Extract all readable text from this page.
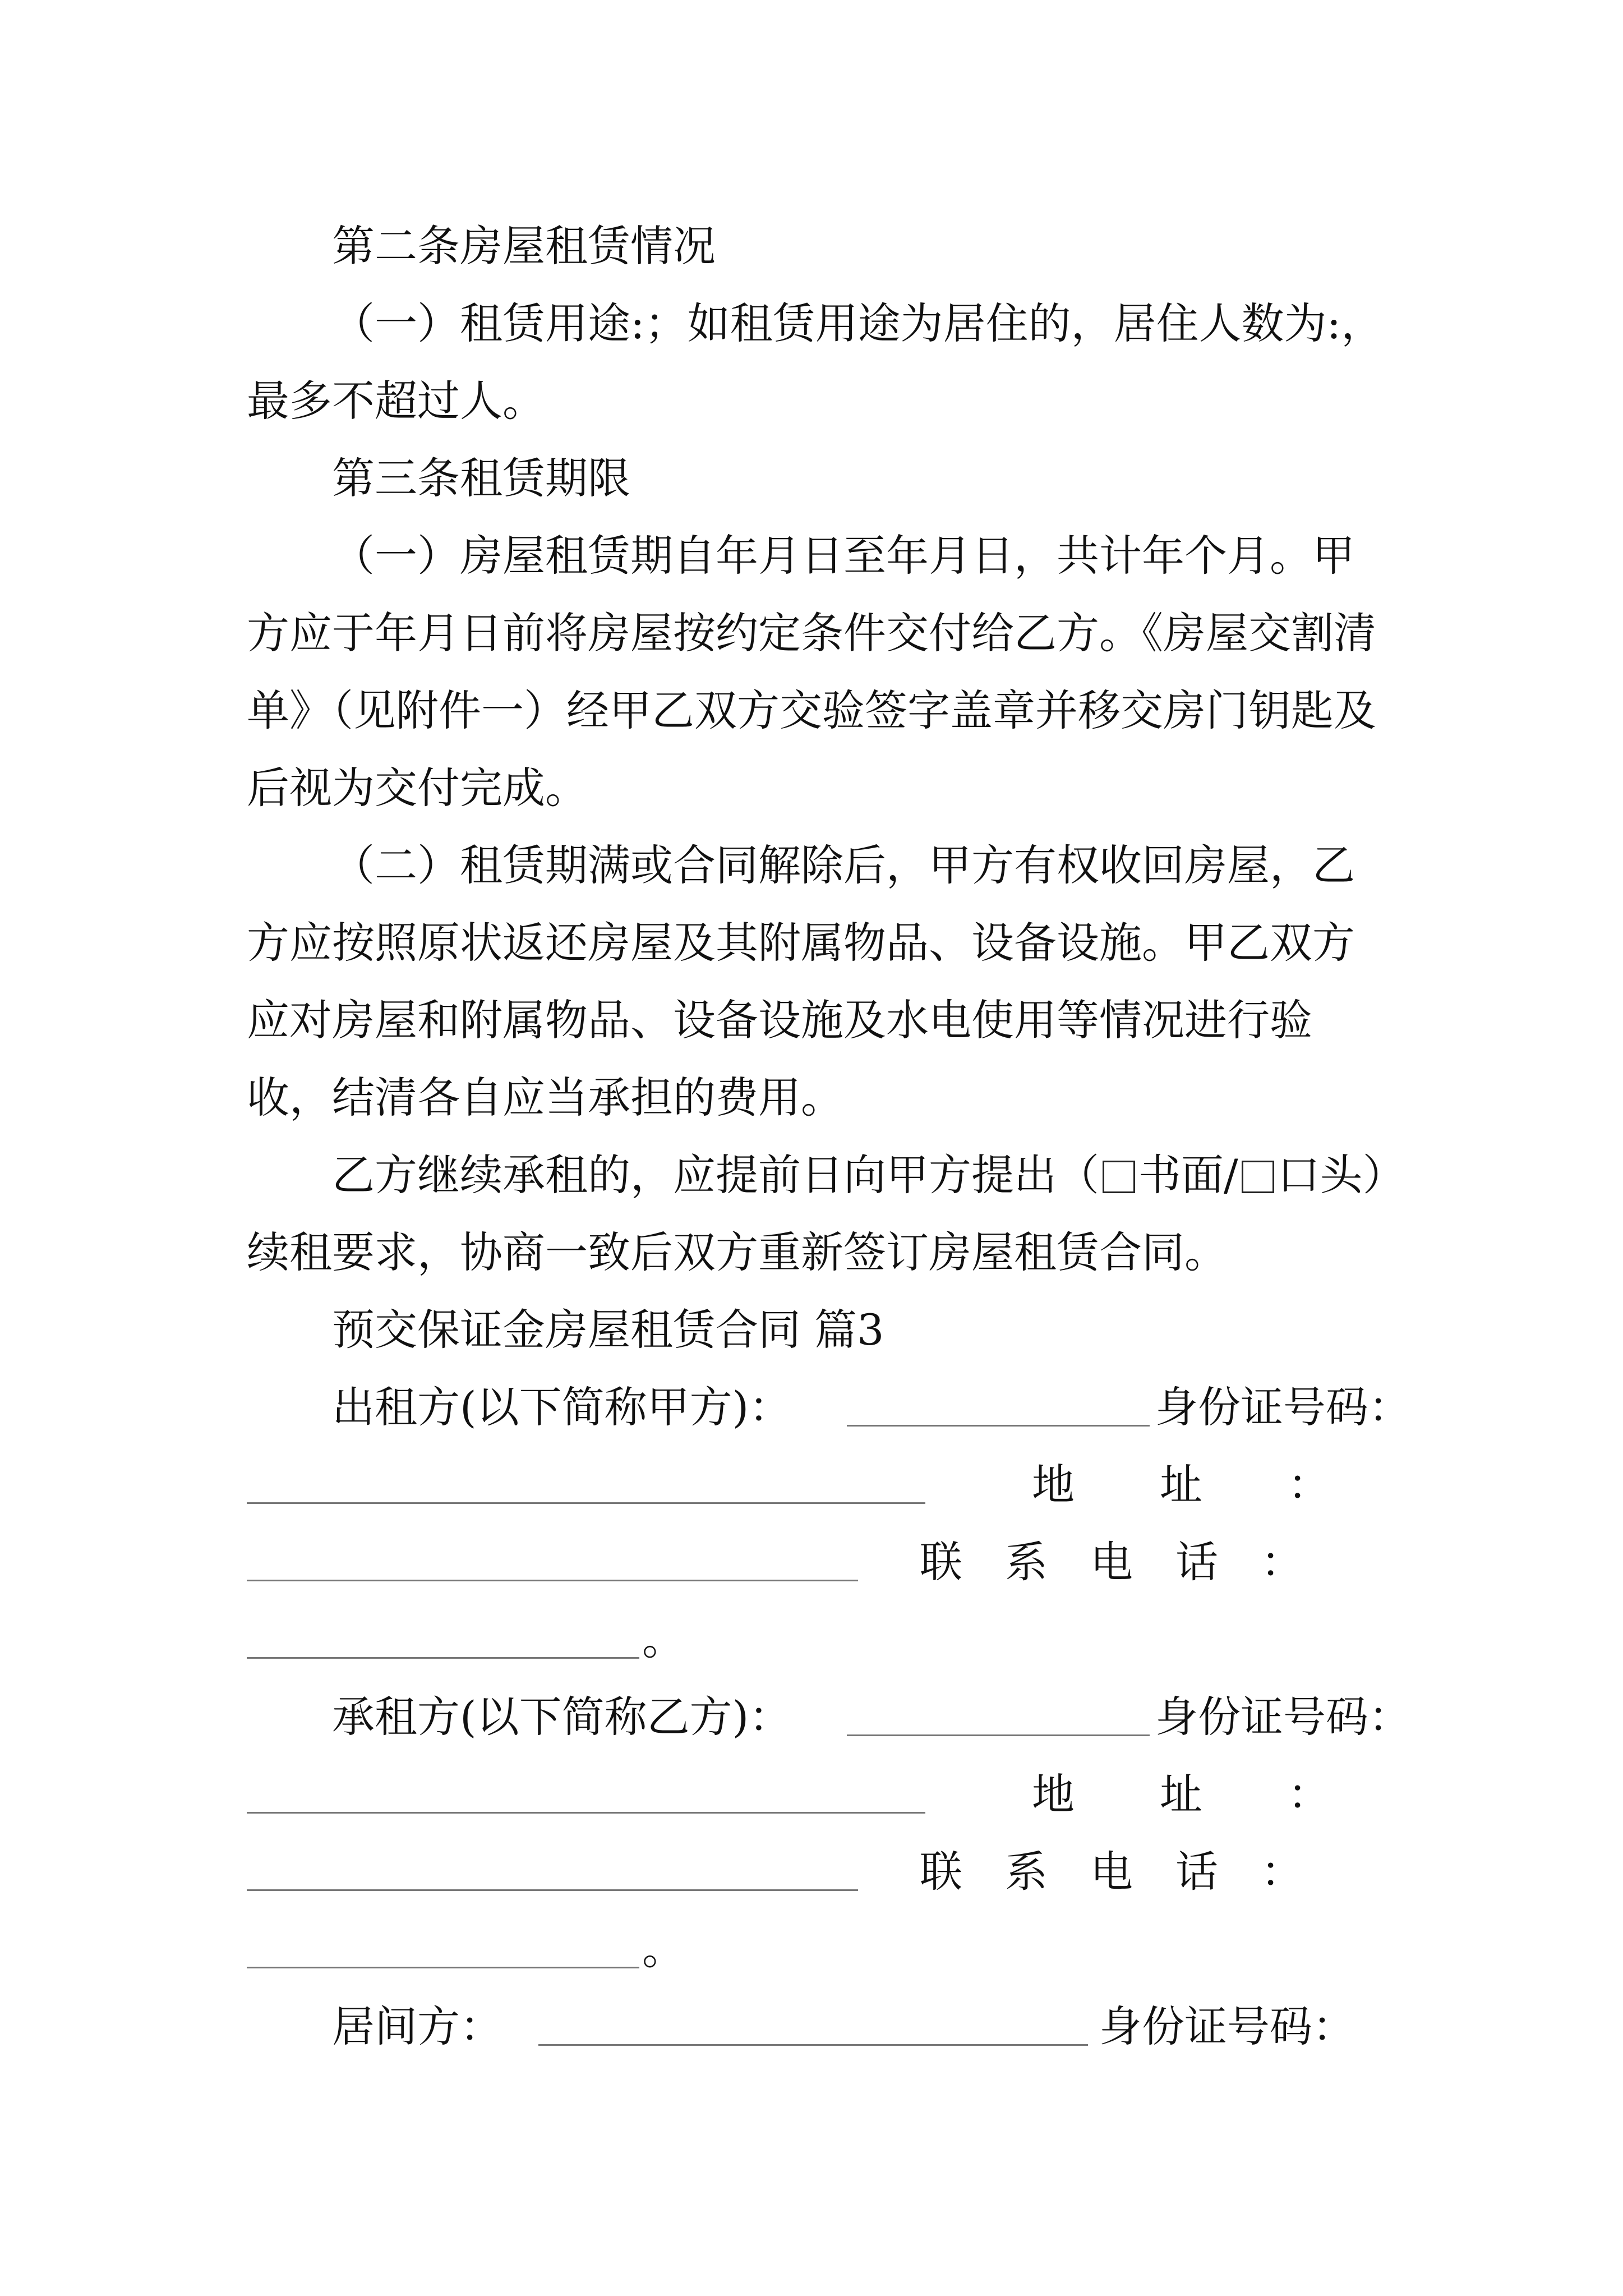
第二条房屋租赁情况

（一）租赁用途:；如租赁用途为居住的，居住人数为:，最多不超过人。

第三条租赁期限

（一）房屋租赁期自年月日至年月日，共计年个月。甲方应于年月日前将房屋按约定条件交付给乙方。《房屋交割清单》（见附件一）经甲乙双方交验签字盖章并移交房门钥匙及后视为交付完成。

（二）租赁期满或合同解除后，甲方有权收回房屋，乙方应按照原状返还房屋及其附属物品、设备设施。甲乙双方应对房屋和附属物品、设备设施及水电使用等情况进行验收，结清各自应当承担的费用。

乙方继续承租的，应提前日向甲方提出（ 书面/ 口头）续租要求，协商一致后双方重新签订房屋租赁合同。

预交保证金房屋租赁合同 篇3

出租方(以下简称甲方)：	身份证号码：
地　　址　　：
联　系　电　话　：
。
承租方(以下简称乙方)：	身份证号码：
地　　址　　：
联　系　电　话　：
。
居间方：	身份证号码：
